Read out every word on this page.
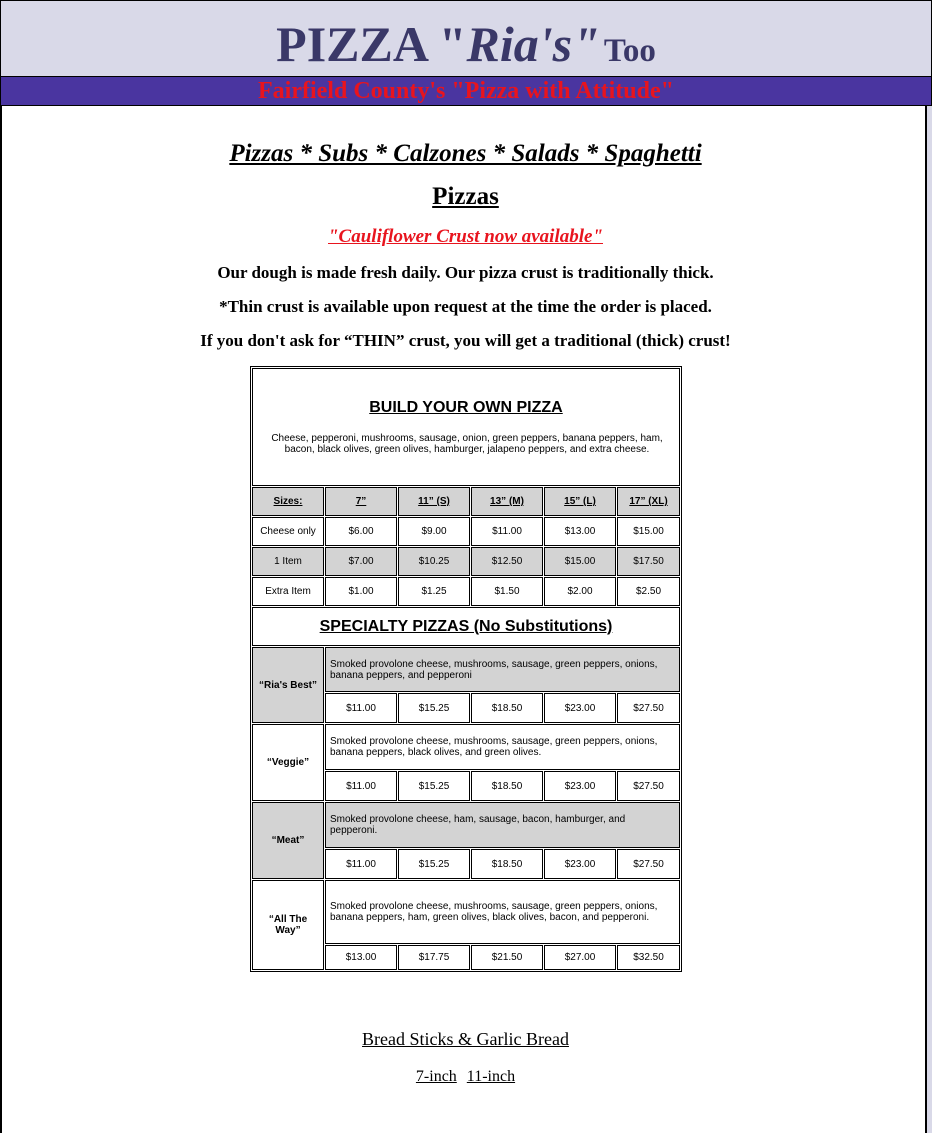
PIZZA "Ria's" Too
Fairfield County's "Pizza with Attitude"
Pizzas * Subs * Calzones * Salads * Spaghetti
Pizzas
"Cauliflower Crust now available"
Our dough is made fresh daily. Our pizza crust is traditionally thick.
*Thin crust is available upon request at the time the order is placed.
If you don't ask for “THIN” crust, you will get a traditional (thick) crust!
BUILD YOUR OWN PIZZA
Cheese, pepperoni, mushrooms, sausage, onion, green peppers, banana peppers, ham, bacon, black olives, green olives, hamburger, jalapeno peppers, and extra cheese.
Sizes:	7”	11” (S)	13” (M)	15” (L)	17” (XL)
Cheese only	$6.00	$9.00	$11.00	$13.00	$15.00
1 Item	$7.00	$10.25	$12.50	$15.00	$17.50
Extra Item	$1.00	$1.25	$1.50	$2.00	$2.50
SPECIALTY PIZZAS (No Substitutions)
“Ria's Best”
Smoked provolone cheese, mushrooms, sausage, green peppers, onions, banana peppers, and pepperoni
$11.00	$15.25	$18.50	$23.00	$27.50
“Veggie”
Smoked provolone cheese, mushrooms, sausage, green peppers, onions, banana peppers, black olives, and green olives.
$11.00	$15.25	$18.50	$23.00	$27.50
“Meat”
Smoked provolone cheese, ham, sausage, bacon, hamburger, and pepperoni.
$11.00	$15.25	$18.50	$23.00	$27.50
“All The Way”
Smoked provolone cheese, mushrooms, sausage, green peppers, onions, banana peppers, ham, green olives, black olives, bacon, and pepperoni.
$13.00	$17.75	$21.50	$27.00	$32.50
Bread Sticks & Garlic Bread
7-inch 11-inch
